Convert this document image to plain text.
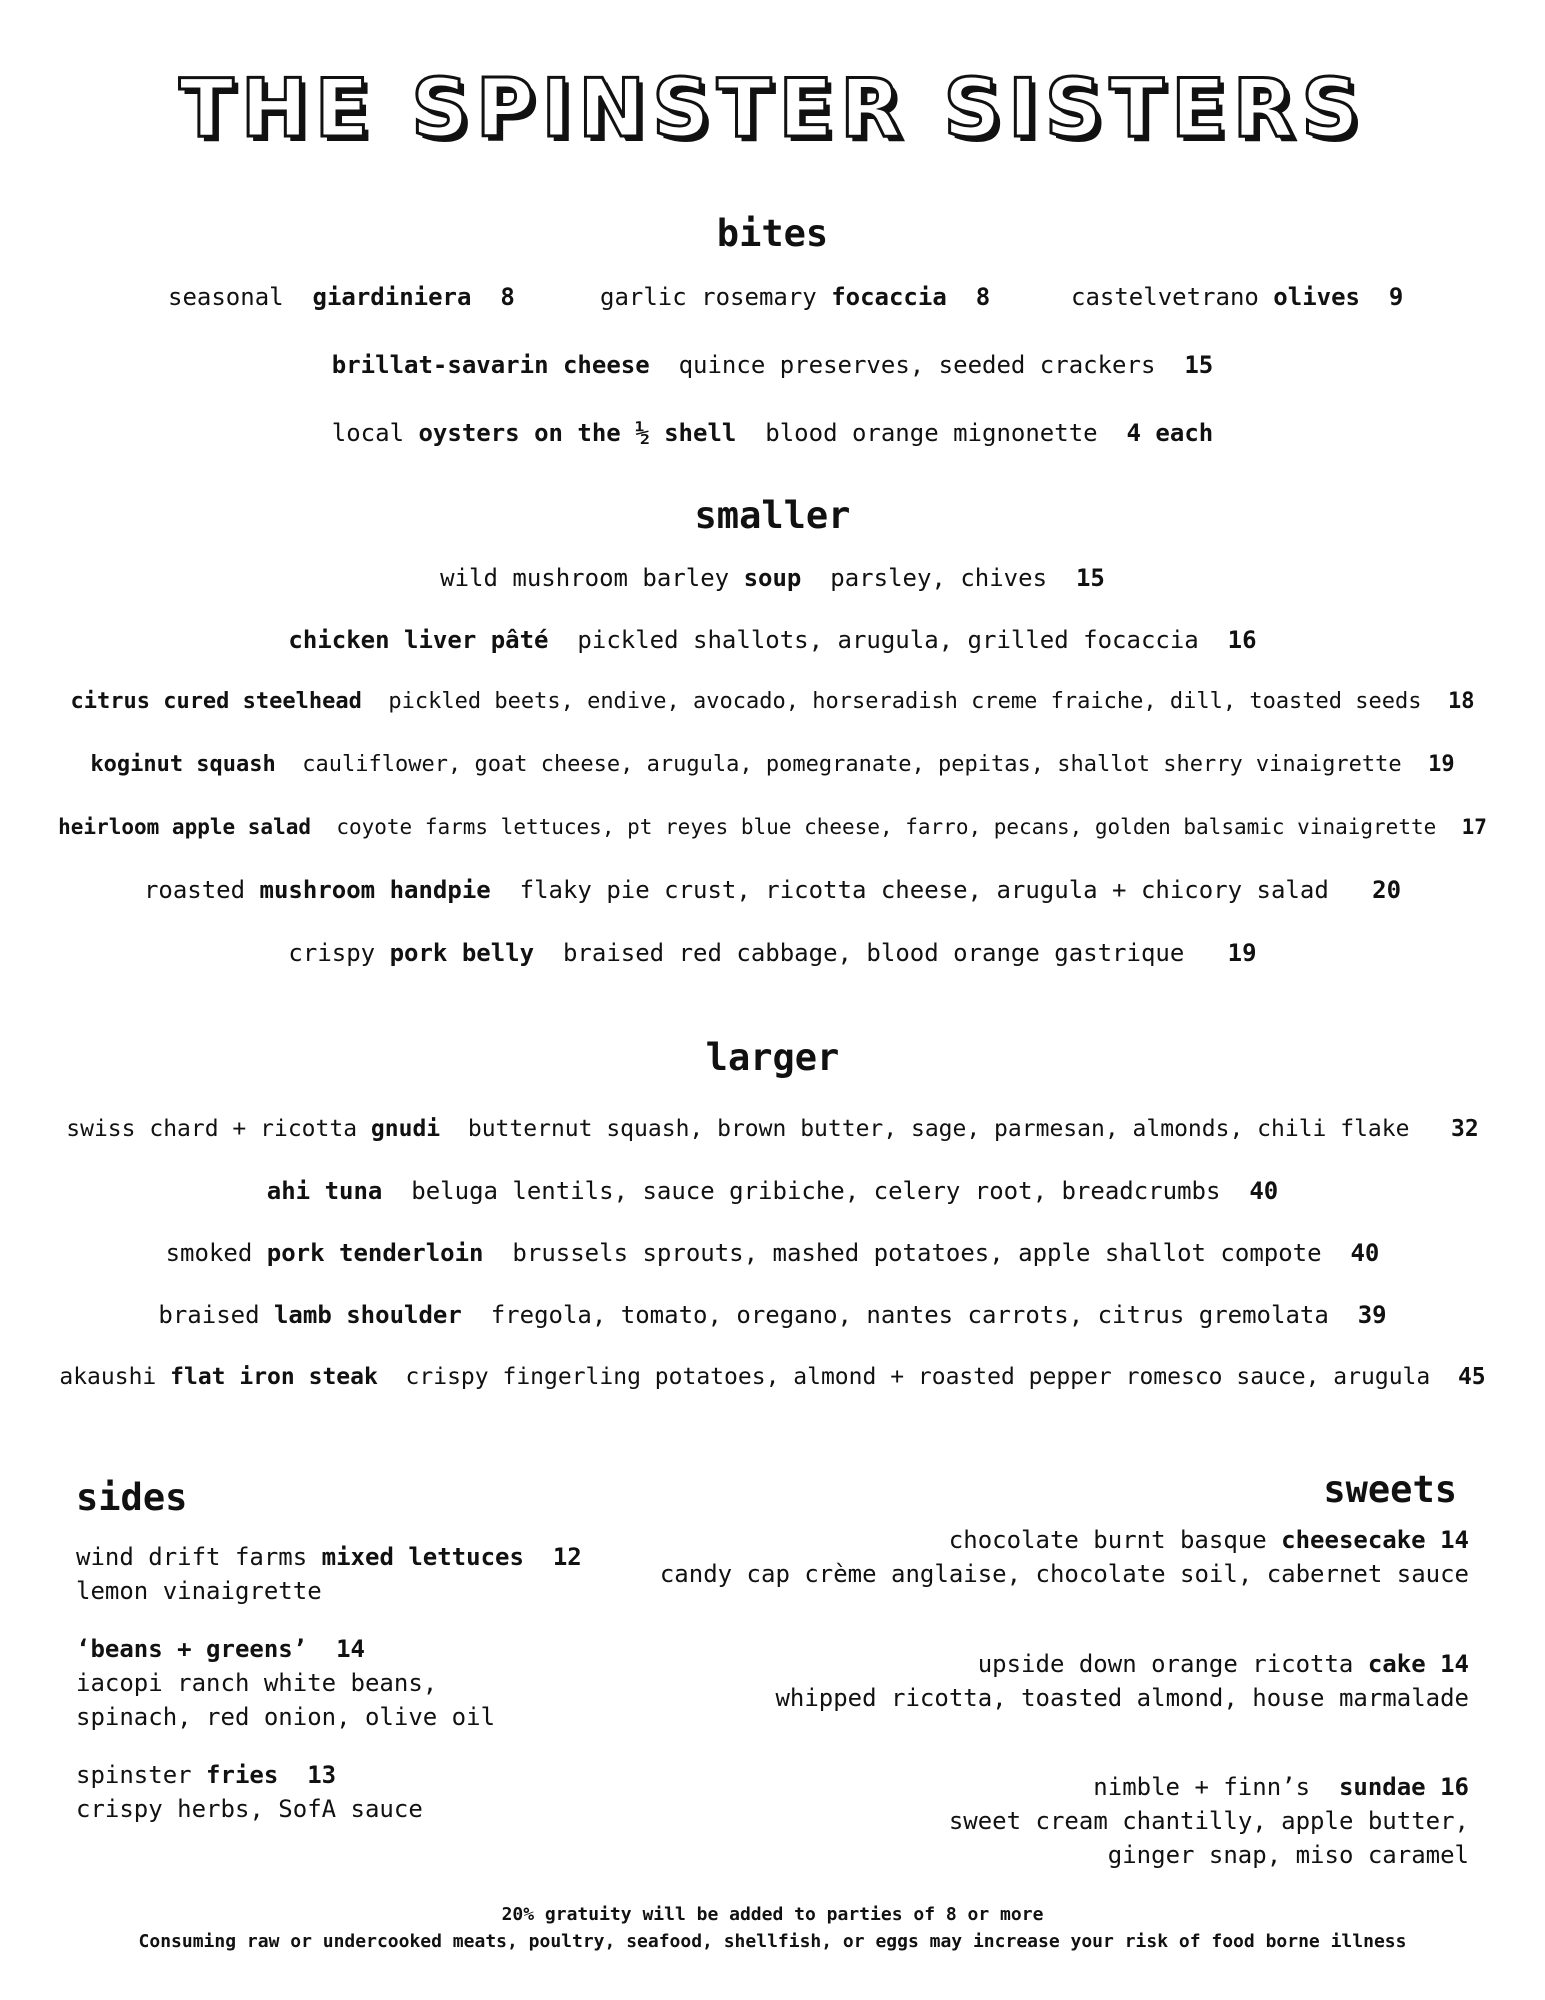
THE SPINSTER SISTERS
bites
seasonal  giardiniera 8	garlic rosemary focaccia 8	castelvetrano olives 9
brillat-savarin cheese quince preserves, seeded crackers 15
local oysters on the ½ shell blood orange mignonette 4 each
smaller
wild mushroom barley soup parsley, chives 15
chicken liver pâté pickled shallots, arugula, grilled focaccia 16
citrus cured steelhead pickled beets, endive, avocado, horseradish creme fraiche, dill, toasted seeds 18
koginut squash cauliflower, goat cheese, arugula, pomegranate, pepitas, shallot sherry vinaigrette 19
heirloom apple salad coyote farms lettuces, pt reyes blue cheese, farro, pecans, golden balsamic vinaigrette 17
roasted mushroom handpie flaky pie crust, ricotta cheese, arugula + chicory salad 20
crispy pork belly braised red cabbage, blood orange gastrique 19
larger
swiss chard + ricotta gnudi butternut squash, brown butter, sage, parmesan, almonds, chili flake 32
ahi tuna beluga lentils, sauce gribiche, celery root, breadcrumbs 40
smoked pork tenderloin brussels sprouts, mashed potatoes, apple shallot compote 40
braised lamb shoulder fregola, tomato, oregano, nantes carrots, citrus gremolata 39
akaushi flat iron steak crispy fingerling potatoes, almond + roasted pepper romesco sauce, arugula 45
sides
wind drift farms mixed lettuces 12
lemon vinaigrette
‘beans + greens’ 14
iacopi ranch white beans,
spinach, red onion, olive oil
spinster fries 13
crispy herbs, SofA sauce
sweets
chocolate burnt basque cheesecake 14
candy cap crème anglaise, chocolate soil, cabernet sauce
upside down orange ricotta cake 14
whipped ricotta, toasted almond, house marmalade
nimble + finn’s  sundae 16
sweet cream chantilly, apple butter,
ginger snap, miso caramel
20% gratuity will be added to parties of 8 or more
Consuming raw or undercooked meats, poultry, seafood, shellfish, or eggs may increase your risk of food borne illness
